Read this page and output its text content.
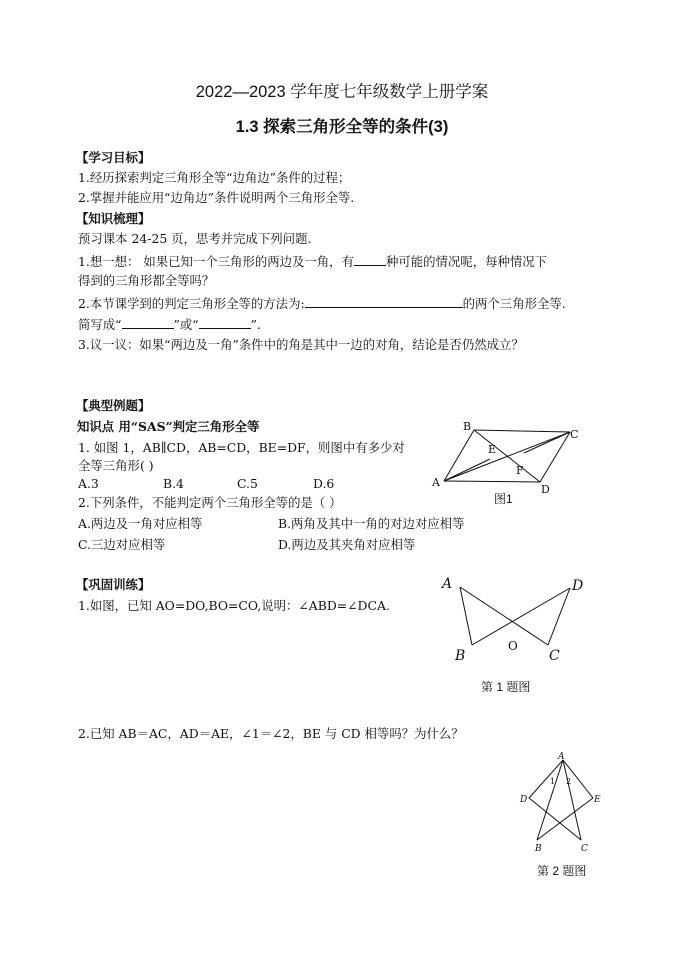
2022—2023 学年度七年级数学上册学案
1.3 探索三角形全等的条件(3)
【学习目标】
1.经历探索判定三角形全等“边角边”条件的过程；
2.掌握并能应用“边角边”条件说明两个三角形全等.
【知识梳理】
预习课本 24-25 页，思考并完成下列问题.
1.想一想： 如果已知一个三角形的两边及一角，有	种可能的情况呢，每种情况下
得到的三角形都全等吗？
2.本节课学到的判定三角形全等的方法为:	的两个三角形全等.
简写成“	”或“	”.
3.议一议：如果“两边及一角”条件中的角是其中一边的对角，结论是否仍然成立？
【典型例题】
知识点 用“SAS”判定三角形全等
1. 如图 1，AB∥CD，AB=CD，BE=DF，则图中有多少对
全等三角形( )
A.3	B.4	C.5	D.6
2.下列条件，不能判定两个三角形全等的是（ ）
A.两边及一角对应相等	B.两角及其中一角的对边对应相等
C.三边对应相等	D.两边及其夹角对应相等
A
B
C
D
E
F
图1
【巩固训练】
1.如图，已知 AO=DO,BO=CO,说明：∠ABD=∠DCA.
A
B	C
D
O
第 1 题图
2.已知 AB＝AC，AD＝AE，∠1＝∠2，BE 与 CD 相等吗？为什么？
A
B	C
D	E
1 2
第 2 题图
